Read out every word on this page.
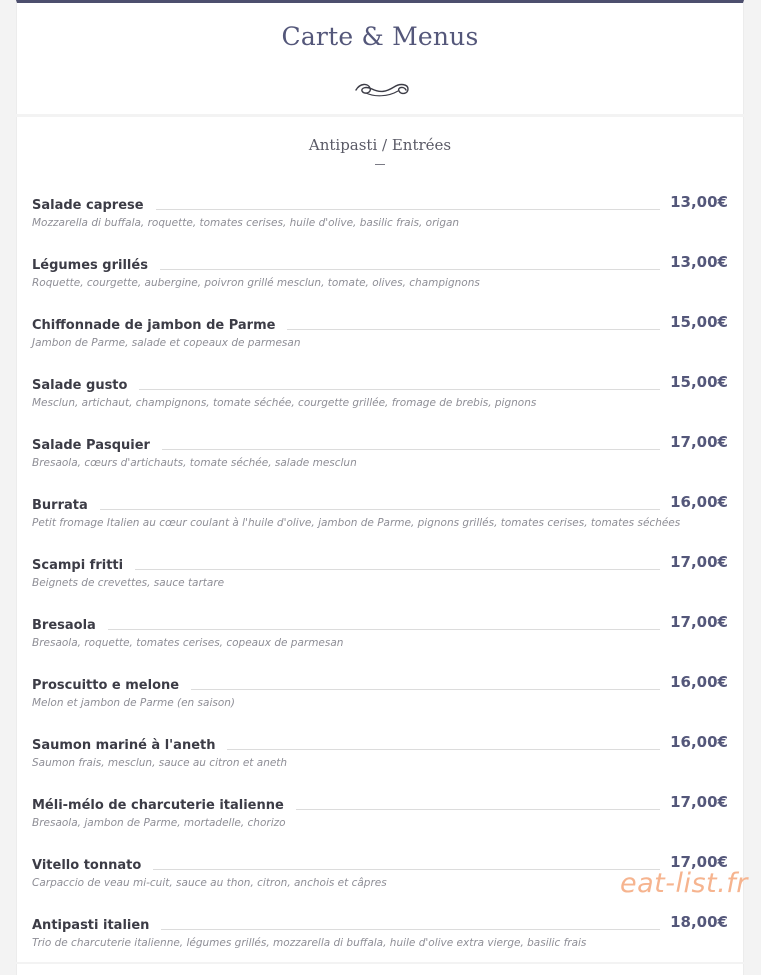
Carte & Menus
Antipasti / Entrées
Salade caprese	13,00€
Mozzarella di buffala, roquette, tomates cerises, huile d'olive, basilic frais, origan
Légumes grillés	13,00€
Roquette, courgette, aubergine, poivron grillé mesclun, tomate, olives, champignons
Chiffonnade de jambon de Parme	15,00€
Jambon de Parme, salade et copeaux de parmesan
Salade gusto	15,00€
Mesclun, artichaut, champignons, tomate séchée, courgette grillée, fromage de brebis, pignons
Salade Pasquier	17,00€
Bresaola, cœurs d'artichauts, tomate séchée, salade mesclun
Burrata	16,00€
Petit fromage Italien au cœur coulant à l'huile d'olive, jambon de Parme, pignons grillés, tomates cerises, tomates séchées
Scampi fritti	17,00€
Beignets de crevettes, sauce tartare
Bresaola	17,00€
Bresaola, roquette, tomates cerises, copeaux de parmesan
Proscuitto e melone	16,00€
Melon et jambon de Parme (en saison)
Saumon mariné à l'aneth	16,00€
Saumon frais, mesclun, sauce au citron et aneth
Méli-mélo de charcuterie italienne	17,00€
Bresaola, jambon de Parme, mortadelle, chorizo
Vitello tonnato	17,00€
Carpaccio de veau mi-cuit, sauce au thon, citron, anchois et câpres
Antipasti italien	18,00€
Trio de charcuterie italienne, légumes grillés, mozzarella di buffala, huile d'olive extra vierge, basilic frais
eat-list.fr
